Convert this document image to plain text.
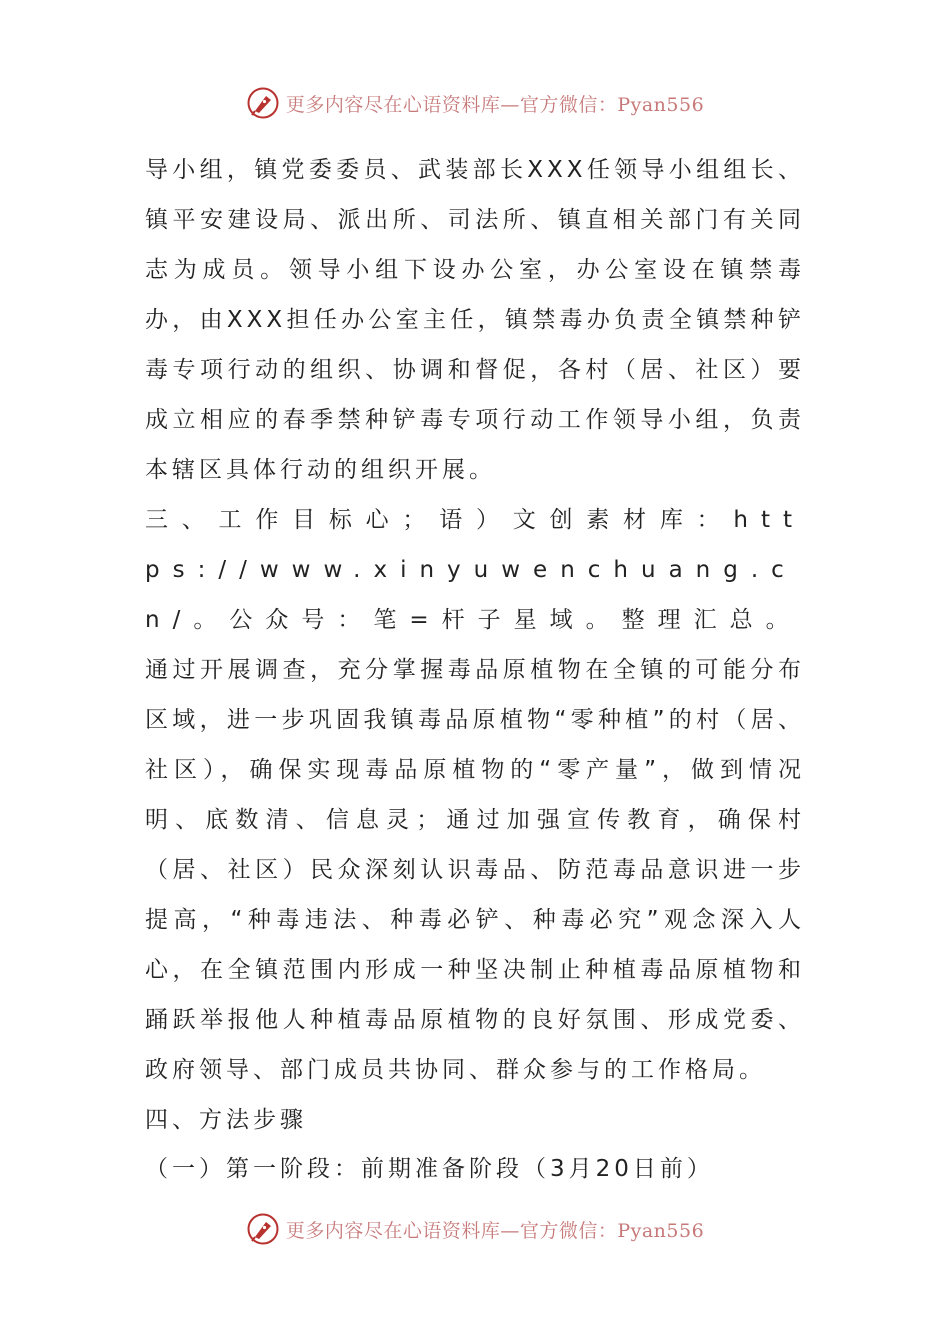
更多内容尽在心语资料库—官方微信：Pyan556

导小组，镇党委委员、武装部长XXX任领导小组组长、镇平安建设局、派出所、司法所、镇直相关部门有关同志为成员。领导小组下设办公室，办公室设在镇禁毒办，由XXX担任办公室主任，镇禁毒办负责全镇禁种铲毒专项行动的组织、协调和督促，各村（居、社区）要成立相应的春季禁种铲毒专项行动工作领导小组，负责本辖区具体行动的组织开展。

三、工作目标心；语）文创素材库：https://www.xinyuwenchuang.cn/。公众号：笔=杆子星域。整理汇总。

通过开展调查，充分掌握毒品原植物在全镇的可能分布区域，进一步巩固我镇毒品原植物“零种植”的村（居、社区），确保实现毒品原植物的“零产量”，做到情况明、底数清、信息灵；通过加强宣传教育，确保村（居、社区）民众深刻认识毒品、防范毒品意识进一步提高，“种毒违法、种毒必铲、种毒必究”观念深入人心，在全镇范围内形成一种坚决制止种植毒品原植物和踊跃举报他人种植毒品原植物的良好氛围、形成党委、政府领导、部门成员共协同、群众参与的工作格局。

四、方法步骤

（一）第一阶段：前期准备阶段（3月20日前）

更多内容尽在心语资料库—官方微信：Pyan556
